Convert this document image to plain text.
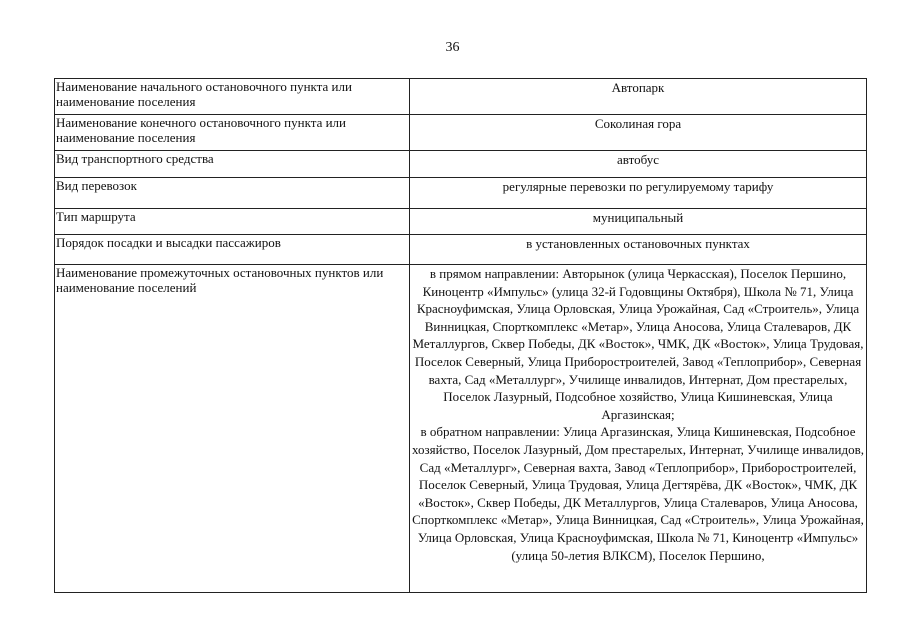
36
Наименование начального остановочного пункта или наименование поселения	Автопарк

Наименование конечного остановочного пункта или наименование поселения	Соколиная гора

Вид транспортного средства	автобус

Вид перевозок	регулярные перевозки по регулируемому тарифу

Тип маршрута	муниципальный

Порядок посадки и высадки пассажиров	в установленных остановочных пунктах

Наименование промежуточных остановочных пунктов или наименование поселений	в прямом направлении: Авторынок (улица Черкасская), Поселок Першино, Киноцентр «Импульс» (улица 32-й Годовщины Октября), Школа № 71, Улица Красноуфимская, Улица Орловская, Улица Урожайная, Сад «Строитель», Улица Винницкая, Спорткомплекс «Метар», Улица Аносова, Улица Сталеваров, ДК Металлургов, Сквер Победы, ДК «Восток», ЧМК, ДК «Восток», Улица Трудовая, Поселок Северный, Улица Приборостроителей, Завод «Теплоприбор», Северная вахта, Сад «Металлург», Училище инвалидов, Интернат, Дом престарелых, Поселок Лазурный, Подсобное хозяйство, Улица Кишиневская, Улица Аргазинская;
в обратном направлении: Улица Аргазинская, Улица Кишиневская, Подсобное хозяйство, Поселок Лазурный, Дом престарелых, Интернат, Училище инвалидов, Сад «Металлург», Северная вахта, Завод «Теплоприбор», Приборостроителей, Поселок Северный, Улица Трудовая, Улица Дегтярёва, ДК «Восток», ЧМК, ДК «Восток», Сквер Победы, ДК Металлургов, Улица Сталеваров, Улица Аносова, Спорткомплекс «Метар», Улица Винницкая, Сад «Строитель», Улица Урожайная, Улица Орловская, Улица Красноуфимская, Школа № 71, Киноцентр «Импульс» (улица 50-летия ВЛКСМ), Поселок Першино,
